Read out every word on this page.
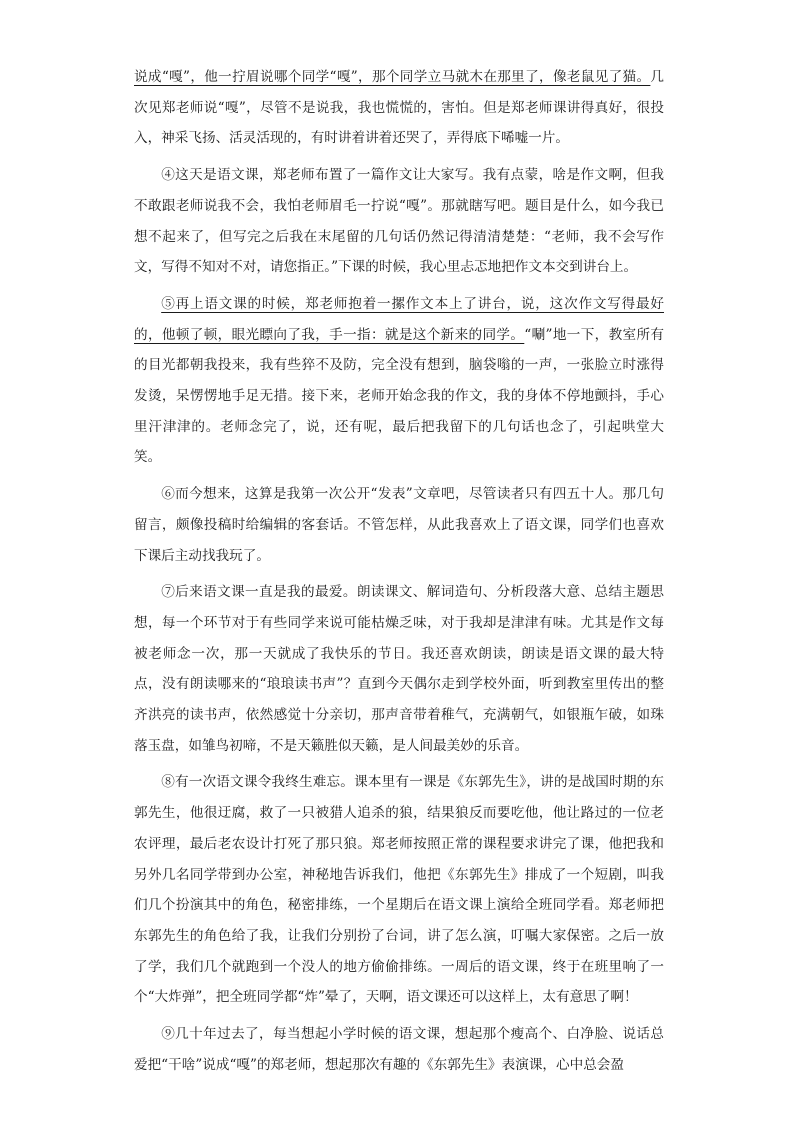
说成“嘎”，他一拧眉说哪个同学“嘎”，那个同学立马就木在那里了，像老鼠见了猫。几次见郑老师说“嘎”，尽管不是说我，我也慌慌的，害怕。但是郑老师课讲得真好，很投入，神采飞扬、活灵活现的，有时讲着讲着还哭了，弄得底下唏嘘一片。

④这天是语文课，郑老师布置了一篇作文让大家写。我有点蒙，啥是作文啊，但我不敢跟老师说我不会，我怕老师眉毛一拧说“嘎”。那就瞎写吧。题目是什么，如今我已想不起来了，但写完之后我在末尾留的几句话仍然记得清清楚楚：“老师，我不会写作文，写得不知对不对，请您指正。”下课的时候，我心里忐忑地把作文本交到讲台上。

⑤再上语文课的时候，郑老师抱着一摞作文本上了讲台，说，这次作文写得最好的，他顿了顿，眼光瞟向了我，手一指：就是这个新来的同学。“唰”地一下，教室所有的目光都朝我投来，我有些猝不及防，完全没有想到，脑袋嗡的一声，一张脸立时涨得发烫，呆愣愣地手足无措。接下来，老师开始念我的作文，我的身体不停地颤抖，手心里汗津津的。老师念完了，说，还有呢，最后把我留下的几句话也念了，引起哄堂大笑。

⑥而今想来，这算是我第一次公开“发表”文章吧，尽管读者只有四五十人。那几句留言，颇像投稿时给编辑的客套话。不管怎样，从此我喜欢上了语文课，同学们也喜欢下课后主动找我玩了。

⑦后来语文课一直是我的最爱。朗读课文、解词造句、分析段落大意、总结主题思想，每一个环节对于有些同学来说可能枯燥乏味，对于我却是津津有味。尤其是作文每被老师念一次，那一天就成了我快乐的节日。我还喜欢朗读，朗读是语文课的最大特点，没有朗读哪来的“琅琅读书声”？直到今天偶尔走到学校外面，听到教室里传出的整齐洪亮的读书声，依然感觉十分亲切，那声音带着稚气，充满朝气，如银瓶乍破，如珠落玉盘，如雏鸟初啼，不是天籁胜似天籁，是人间最美妙的乐音。

⑧有一次语文课令我终生难忘。课本里有一课是《东郭先生》，讲的是战国时期的东郭先生，他很迂腐，救了一只被猎人追杀的狼，结果狼反而要吃他，他让路过的一位老农评理，最后老农设计打死了那只狼。郑老师按照正常的课程要求讲完了课，他把我和另外几名同学带到办公室，神秘地告诉我们，他把《东郭先生》排成了一个短剧，叫我们几个扮演其中的角色，秘密排练，一个星期后在语文课上演给全班同学看。郑老师把东郭先生的角色给了我，让我们分别扮了台词，讲了怎么演，叮嘱大家保密。之后一放了学，我们几个就跑到一个没人的地方偷偷排练。一周后的语文课，终于在班里响了一个“大炸弹”，把全班同学都“炸”晕了，天啊，语文课还可以这样上，太有意思了啊！

⑨几十年过去了，每当想起小学时候的语文课，想起那个瘦高个、白净脸、说话总爱把“干啥”说成“嘎”的郑老师，想起那次有趣的《东郭先生》表演课，心中总会盈
